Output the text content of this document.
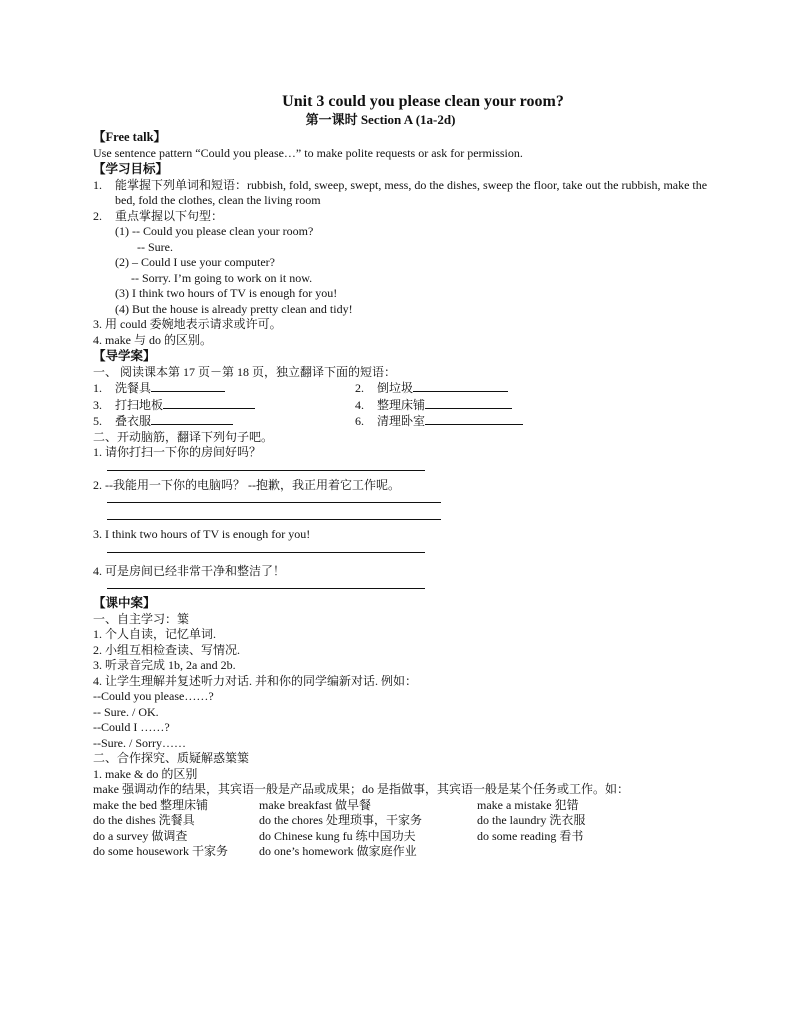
Unit 3 could you please clean your room?
第一课时 Section A (1a-2d)
【Free talk】
Use sentence pattern “Could you please…” to make polite requests or ask for permission.
【学习目标】
1.	能掌握下列单词和短语：rubbish, fold, sweep, swept, mess, do the dishes, sweep the floor, take out the rubbish, make the bed, fold the clothes, clean the living room
2. 重点掌握以下句型：
(1) -- Could you please clean your room?
-- Sure.
(2) – Could I use your computer?
-- Sorry. I’m going to work on it now.
(3) I think two hours of TV is enough for you!
(4) But the house is already pretty clean and tidy!
3. 用 could 委婉地表示请求或许可。
4. make 与 do 的区别。
【导学案】
一、 阅读课本第 17 页－第 18 页，独立翻译下面的短语：
1. 洗餐具	2. 倒垃圾
3. 打扫地板	4. 整理床铺
5. 叠衣服	6. 清理卧室
二、开动脑筋，翻译下列句子吧。
1. 请你打扫一下你的房间好吗？
2. --我能用一下你的电脑吗？ --抱歉，我正用着它工作呢。
3. I think two hours of TV is enough for you!
4. 可是房间已经非常干净和整洁了！
【课中案】
一、自主学习：䈎
1. 个人自读，记忆单词.
2. 小组互相检查读、写情况.
3. 听录音完成 1b, 2a and 2b.
4. 让学生理解并复述听力对话. 并和你的同学编新对话. 例如：
--Could you please……?
-- Sure. / OK.
--Could I ……?
--Sure. / Sorry……
二、合作探究、质疑解惑䈎䈎
1. make & do 的区别
make 强调动作的结果，其宾语一般是产品或成果；do 是指做事，其宾语一般是某个任务或工作。如：
make the bed 整理床铺	make breakfast 做早餐	make a mistake 犯错
do the dishes 洗餐具	do the chores 处理琐事，干家务	do the laundry 洗衣服
do a survey 做调查	do Chinese kung fu 练中国功夫	do some reading 看书
do some housework 干家务	do one’s homework 做家庭作业
